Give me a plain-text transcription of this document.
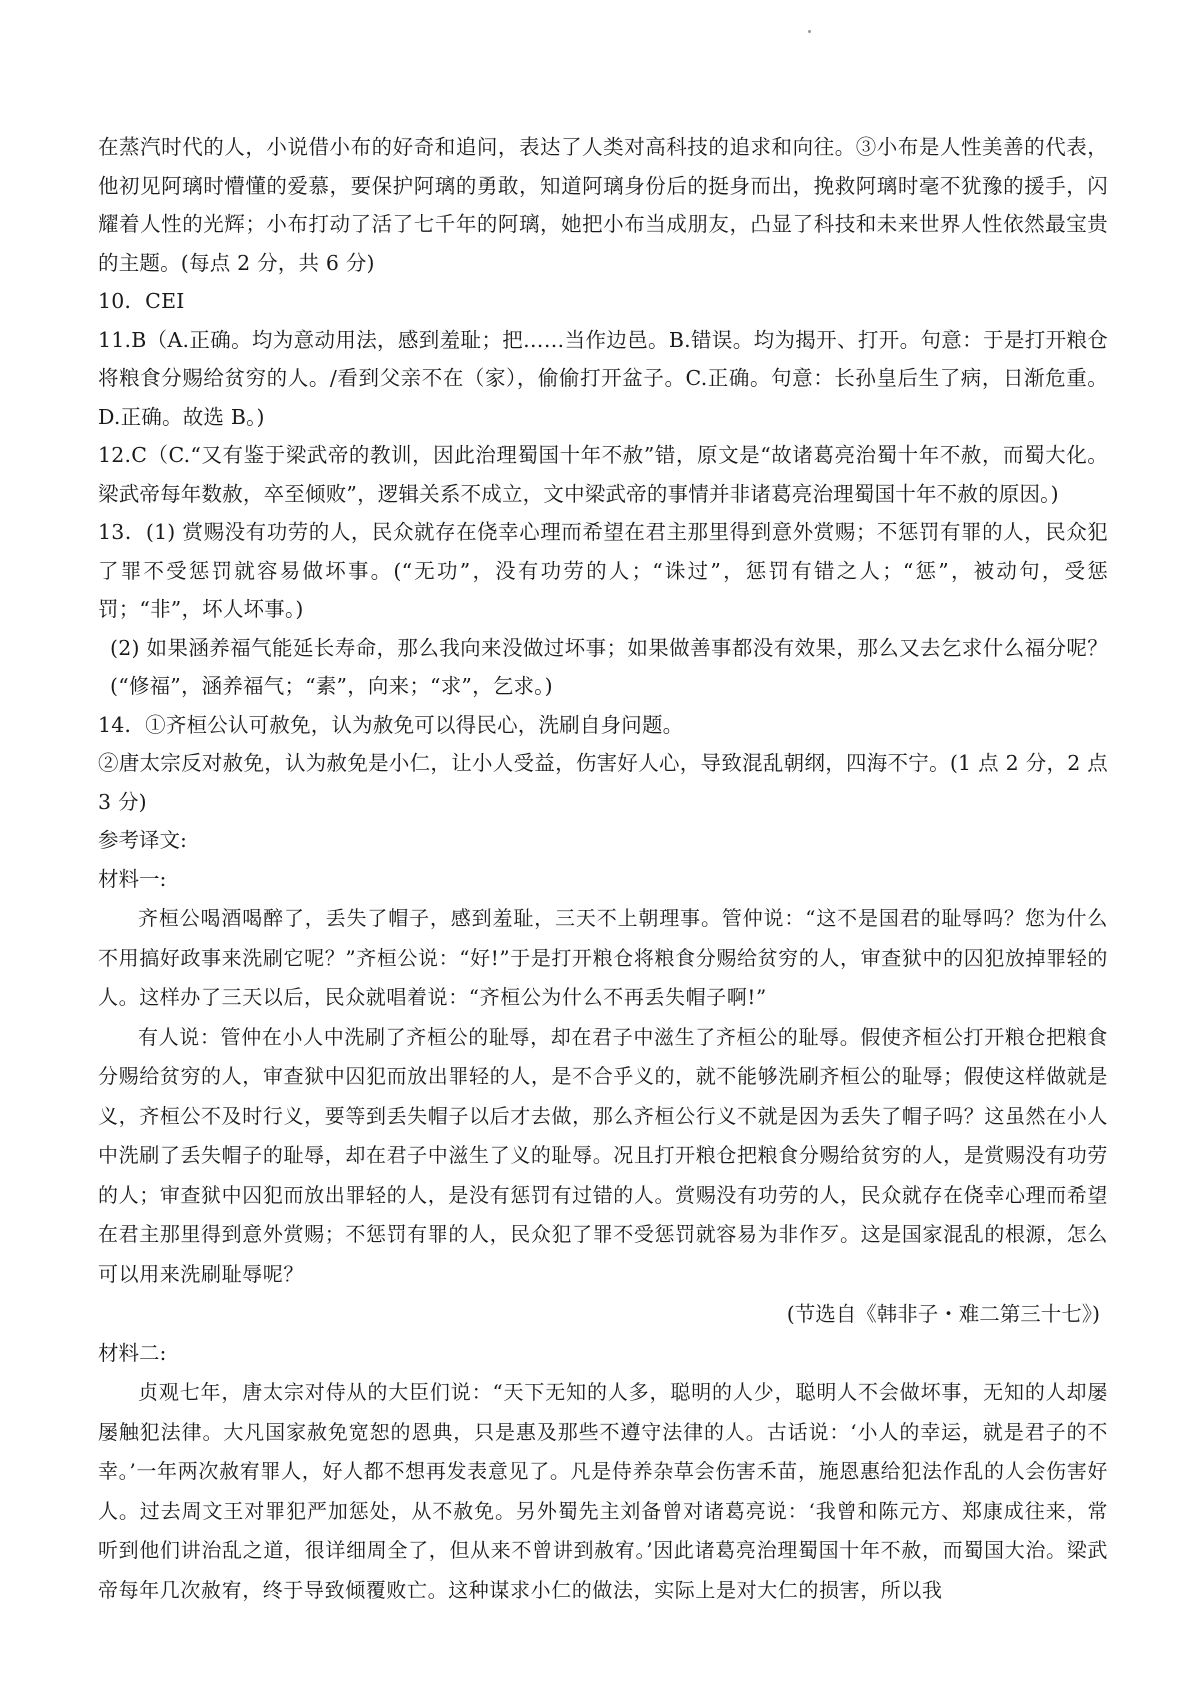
在蒸汽时代的人，小说借小布的好奇和追问，表达了人类对高科技的追求和向往。③小布是人性美善的代表，他初见阿璃时懵懂的爱慕，要保护阿璃的勇敢，知道阿璃身份后的挺身而出，挽救阿璃时毫不犹豫的援手，闪耀着人性的光辉；小布打动了活了七千年的阿璃，她把小布当成朋友，凸显了科技和未来世界人性依然最宝贵的主题。(每点 2 分，共 6 分)

10．CEI

11.B（A.正确。均为意动用法，感到羞耻；把……当作边邑。B.错误。均为揭开、打开。句意：于是打开粮仓将粮食分赐给贫穷的人。/看到父亲不在（家），偷偷打开盆子。C.正确。句意：长孙皇后生了病，日渐危重。D.正确。故选 B。)

12.C（C.“又有鉴于梁武帝的教训，因此治理蜀国十年不赦”错，原文是“故诸葛亮治蜀十年不赦，而蜀大化。梁武帝每年数赦，卒至倾败”，逻辑关系不成立，文中梁武帝的事情并非诸葛亮治理蜀国十年不赦的原因。)

13．(1) 赏赐没有功劳的人，民众就存在侥幸心理而希望在君主那里得到意外赏赐；不惩罚有罪的人，民众犯了罪不受惩罚就容易做坏事。(“无功”，没有功劳的人；“诛过”，惩罚有错之人；“惩”，被动句，受惩罚；“非”，坏人坏事。)

(2) 如果涵养福气能延长寿命，那么我向来没做过坏事；如果做善事都没有效果，那么又去乞求什么福分呢？(“修福”，涵养福气；“素”，向来；“求”，乞求。)

14．①齐桓公认可赦免，认为赦免可以得民心，洗刷自身问题。

②唐太宗反对赦免，认为赦免是小仁，让小人受益，伤害好人心，导致混乱朝纲，四海不宁。(1 点 2 分，2 点 3 分)

参考译文:

材料一:

齐桓公喝酒喝醉了，丢失了帽子，感到羞耻，三天不上朝理事。管仲说：“这不是国君的耻辱吗？您为什么不用搞好政事来洗刷它呢？”齐桓公说：“好!”于是打开粮仓将粮食分赐给贫穷的人，审查狱中的囚犯放掉罪轻的人。这样办了三天以后，民众就唱着说：“齐桓公为什么不再丢失帽子啊!”

有人说：管仲在小人中洗刷了齐桓公的耻辱，却在君子中滋生了齐桓公的耻辱。假使齐桓公打开粮仓把粮食分赐给贫穷的人，审查狱中囚犯而放出罪轻的人，是不合乎义的，就不能够洗刷齐桓公的耻辱；假使这样做就是义，齐桓公不及时行义，要等到丢失帽子以后才去做，那么齐桓公行义不就是因为丢失了帽子吗？这虽然在小人中洗刷了丢失帽子的耻辱，却在君子中滋生了义的耻辱。况且打开粮仓把粮食分赐给贫穷的人，是赏赐没有功劳的人；审查狱中囚犯而放出罪轻的人，是没有惩罚有过错的人。赏赐没有功劳的人，民众就存在侥幸心理而希望在君主那里得到意外赏赐；不惩罚有罪的人，民众犯了罪不受惩罚就容易为非作歹。这是国家混乱的根源，怎么可以用来洗刷耻辱呢？

(节选自《韩非子・难二第三十七》)

材料二:

贞观七年，唐太宗对侍从的大臣们说：“天下无知的人多，聪明的人少，聪明人不会做坏事，无知的人却屡屡触犯法律。大凡国家赦免宽恕的恩典，只是惠及那些不遵守法律的人。古话说：‘小人的幸运，就是君子的不幸。’一年两次赦宥罪人，好人都不想再发表意见了。凡是侍养杂草会伤害禾苗，施恩惠给犯法作乱的人会伤害好人。过去周文王对罪犯严加惩处，从不赦免。另外蜀先主刘备曾对诸葛亮说：‘我曾和陈元方、郑康成往来，常听到他们讲治乱之道，很详细周全了，但从来不曾讲到赦宥。’因此诸葛亮治理蜀国十年不赦，而蜀国大治。梁武帝每年几次赦宥，终于导致倾覆败亡。这种谋求小仁的做法，实际上是对大仁的损害，所以我
